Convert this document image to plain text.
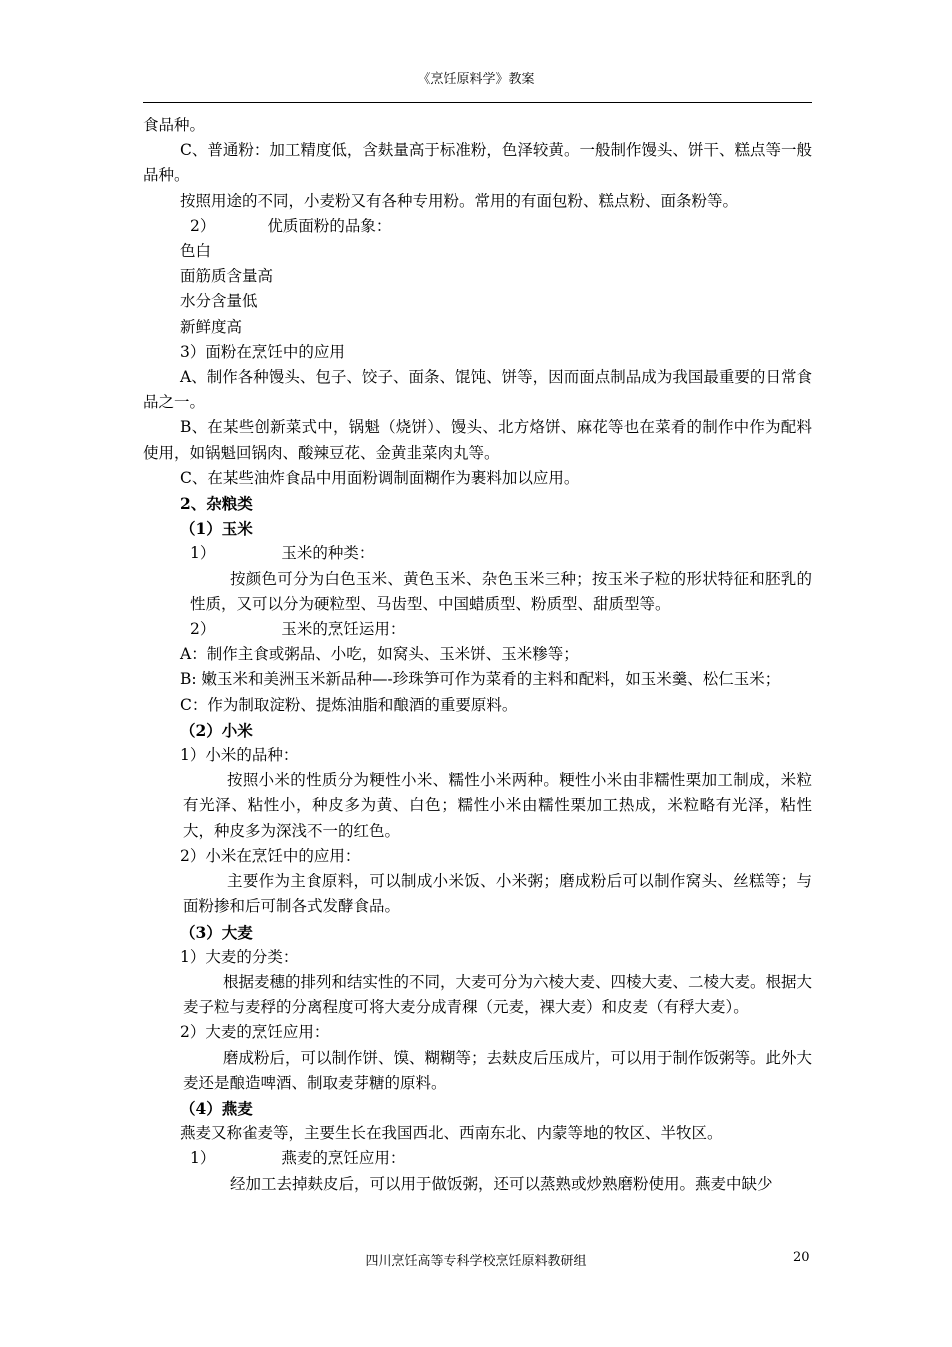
《烹饪原料学》教案

食品种。

C、普通粉：加工精度低，含麸量高于标准粉，色泽较黄。一般制作馒头、饼干、糕点等一般品种。

按照用途的不同，小麦粉又有各种专用粉。常用的有面包粉、糕点粉、面条粉等。

2）	优质面粉的品象：

色白

面筋质含量高

水分含量低

新鲜度高

3）面粉在烹饪中的应用

A、制作各种馒头、包子、饺子、面条、馄饨、饼等，因而面点制品成为我国最重要的日常食品之一。

B、在某些创新菜式中，锅魁（烧饼）、馒头、北方烙饼、麻花等也在菜肴的制作中作为配料使用，如锅魁回锅肉、酸辣豆花、金黄韭菜肉丸等。

C、在某些油炸食品中用面粉调制面糊作为裹料加以应用。

2、杂粮类

（1）玉米

1）	玉米的种类：

按颜色可分为白色玉米、黄色玉米、杂色玉米三种；按玉米子粒的形状特征和胚乳的性质，又可以分为硬粒型、马齿型、中国蜡质型、粉质型、甜质型等。

2）	玉米的烹饪运用：

A：制作主食或粥品、小吃，如窝头、玉米饼、玉米糁等；

B: 嫩玉米和美洲玉米新品种—-珍珠笋可作为菜肴的主料和配料，如玉米羹、松仁玉米；

C：作为制取淀粉、提炼油脂和酿酒的重要原料。

（2）小米

1）小米的品种：

按照小米的性质分为粳性小米、糯性小米两种。粳性小米由非糯性栗加工制成，米粒有光泽、粘性小，种皮多为黄、白色；糯性小米由糯性栗加工热成，米粒略有光泽，粘性大，种皮多为深浅不一的红色。

2）小米在烹饪中的应用：

主要作为主食原料，可以制成小米饭、小米粥；磨成粉后可以制作窝头、丝糕等；与面粉掺和后可制各式发酵食品。

（3）大麦

1）大麦的分类：

根据麦穗的排列和结实性的不同，大麦可分为六棱大麦、四棱大麦、二棱大麦。根据大麦子粒与麦稃的分离程度可将大麦分成青稞（元麦，裸大麦）和皮麦（有稃大麦）。

2）大麦的烹饪应用：

磨成粉后，可以制作饼、馍、糊糊等；去麸皮后压成片，可以用于制作饭粥等。此外大麦还是酿造啤酒、制取麦芽糖的原料。

（4）燕麦

燕麦又称雀麦等，主要生长在我国西北、西南东北、内蒙等地的牧区、半牧区。

1）	燕麦的烹饪应用：

经加工去掉麸皮后，可以用于做饭粥，还可以蒸熟或炒熟磨粉使用。燕麦中缺少

四川烹饪高等专科学校烹饪原料教研组	20
